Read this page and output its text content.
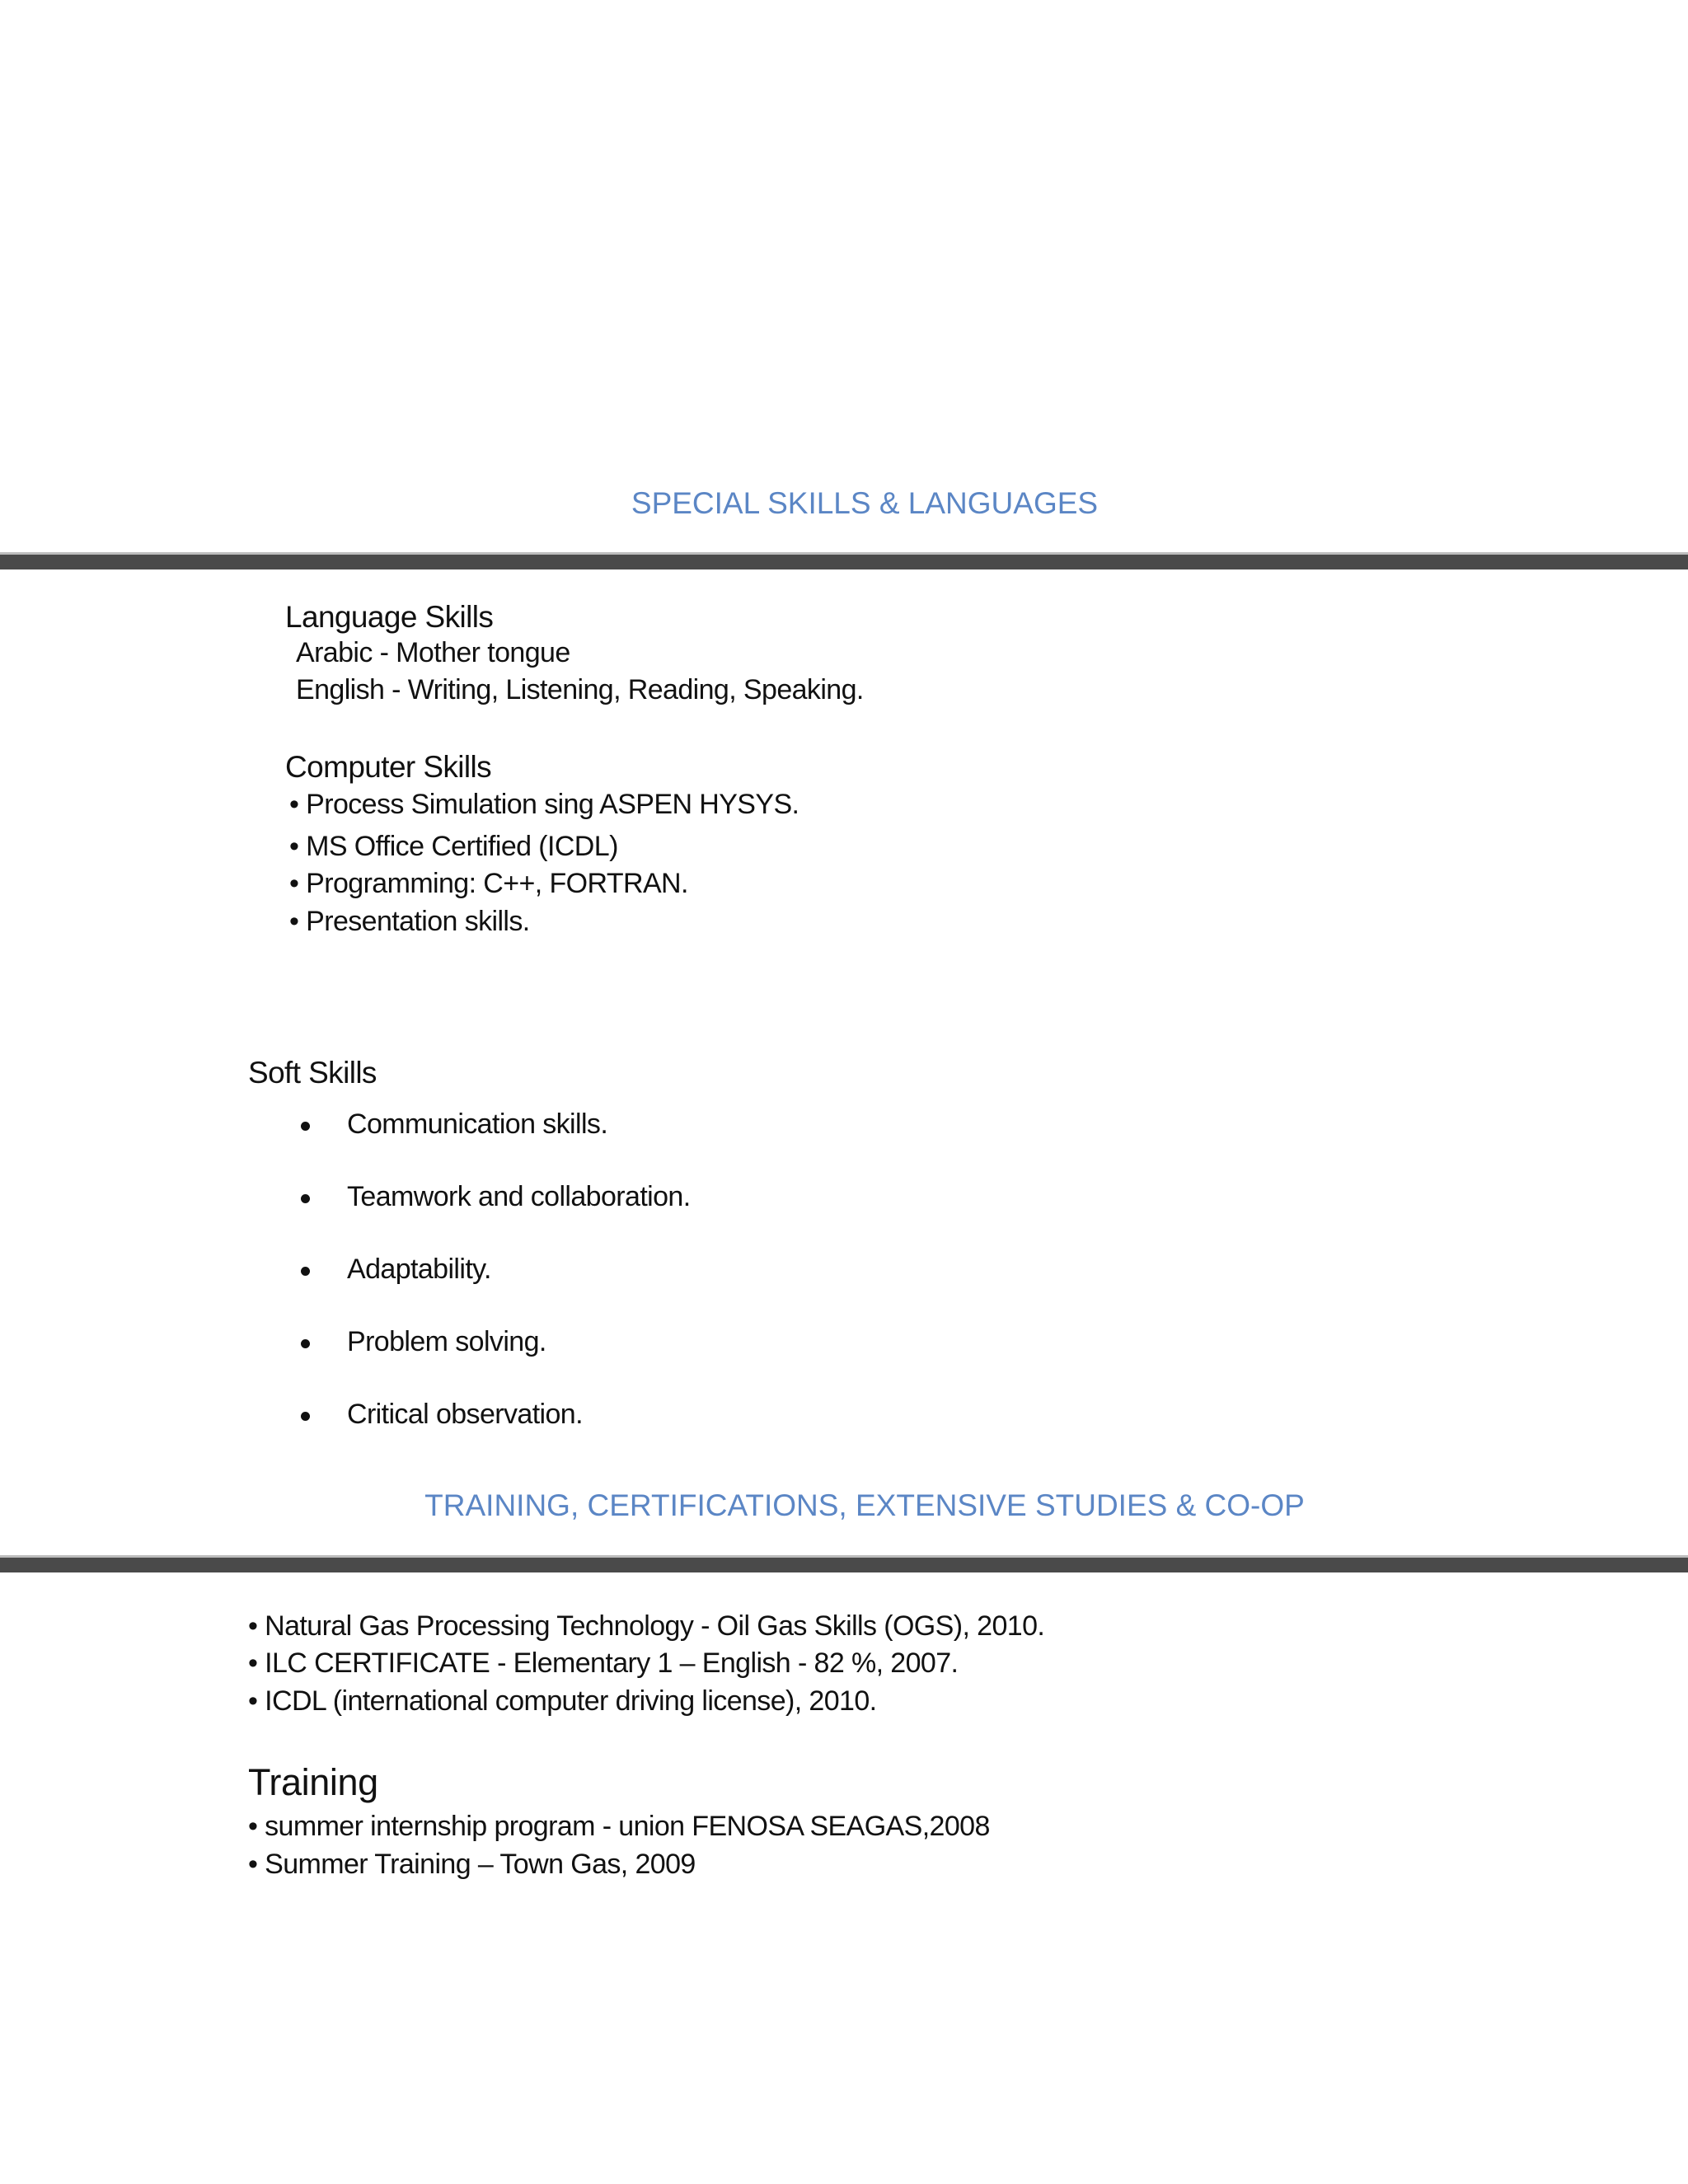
SPECIAL SKILLS & LANGUAGES
Language Skills
Arabic - Mother tongue
English - Writing, Listening, Reading, Speaking.
Computer Skills
• Process Simulation sing ASPEN HYSYS.
• MS Office Certified (ICDL)
• Programming: C++, FORTRAN.
• Presentation skills.
Soft Skills
Communication skills.
Teamwork and collaboration.
Adaptability.
Problem solving.
Critical observation.
TRAINING, CERTIFICATIONS, EXTENSIVE STUDIES & CO-OP
• Natural Gas Processing Technology - Oil Gas Skills (OGS), 2010.
• ILC CERTIFICATE - Elementary 1 – English - 82 %, 2007.
• ICDL (international computer driving license), 2010.
Training
• summer internship program - union FENOSA SEAGAS,2008
• Summer Training – Town Gas, 2009
